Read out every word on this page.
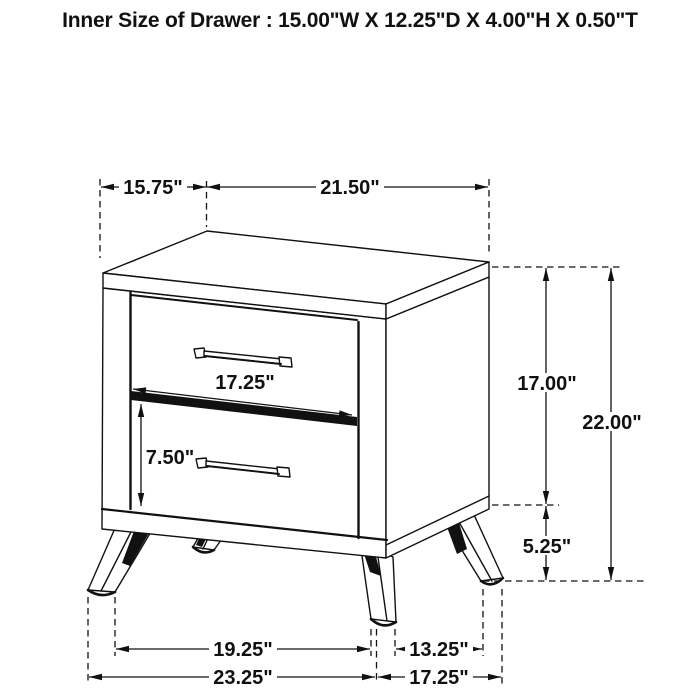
Inner Size of Drawer : 15.00"W X 12.25"D X 4.00"H X 0.50"T
15.75"	21.50"
17.00"
22.00"
5.25"
17.25"
7.50"
19.25"	13.25"
23.25"	17.25"
